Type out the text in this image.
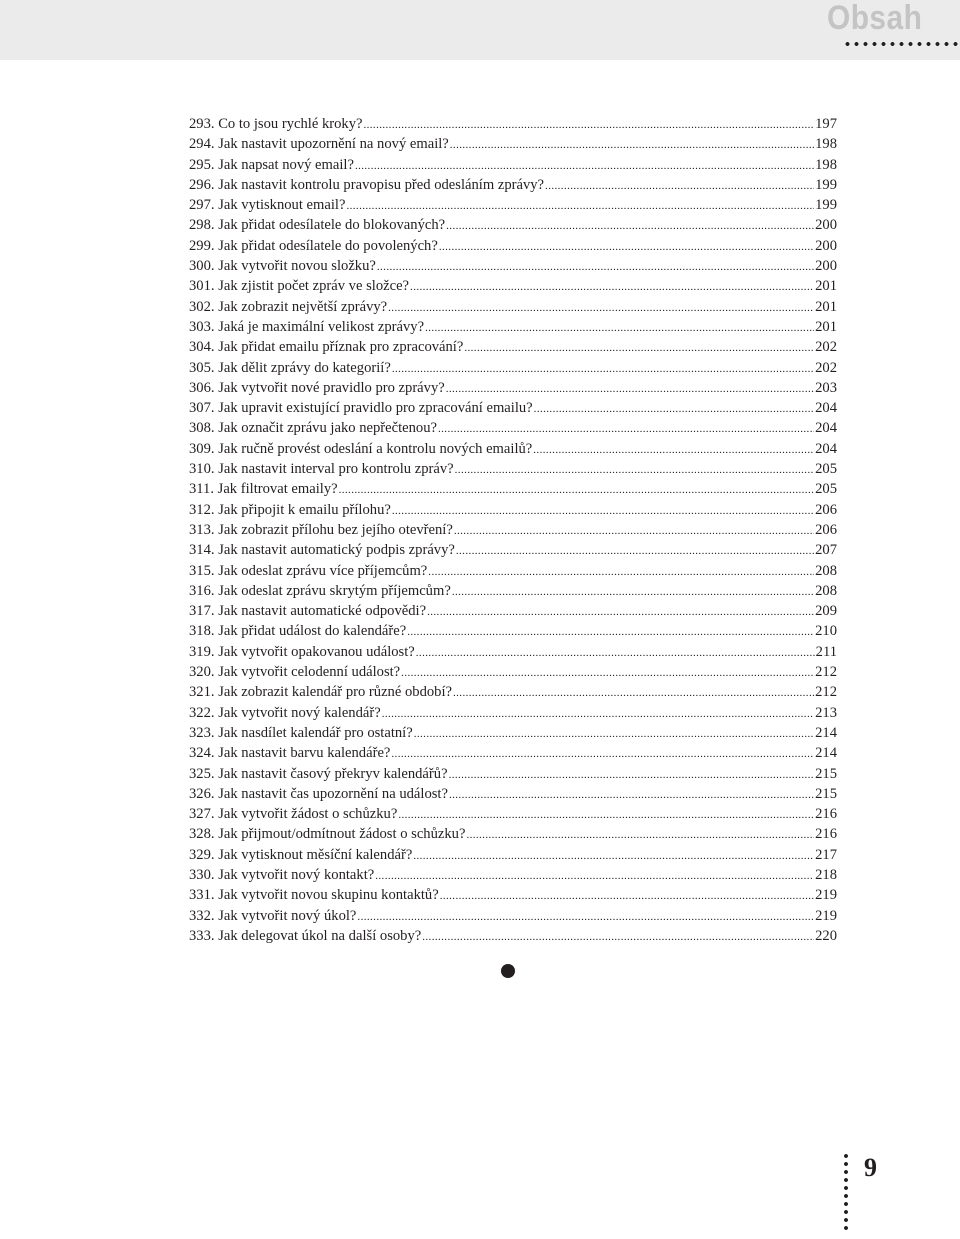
Obsah
293. Co to jsou rychlé kroky? .....	197
294. Jak nastavit upozornění na nový email? .....	198
295. Jak napsat nový email? .....	198
296. Jak nastavit kontrolu pravopisu před odesláním zprávy? .....	199
297. Jak vytisknout email? .....	199
298. Jak přidat odesílatele do blokovaných? .....	200
299. Jak přidat odesílatele do povolených? .....	200
300. Jak vytvořit novou složku? .....	200
301. Jak zjistit počet zpráv ve složce? .....	201
302. Jak zobrazit největší zprávy? .....	201
303. Jaká je maximální velikost zprávy? .....	201
304. Jak přidat emailu příznak pro zpracování? .....	202
305. Jak dělit zprávy do kategorií? .....	202
306. Jak vytvořit nové pravidlo pro zprávy? .....	203
307. Jak upravit existující pravidlo pro zpracování emailu? .....	204
308. Jak označit zprávu jako nepřečtenou? .....	204
309. Jak ručně provést odeslání a kontrolu nových emailů? .....	204
310. Jak nastavit interval pro kontrolu zpráv? .....	205
311. Jak filtrovat emaily? .....	205
312. Jak připojit k emailu přílohu? .....	206
313. Jak zobrazit přílohu bez jejího otevření? .....	206
314. Jak nastavit automatický podpis zprávy? .....	207
315. Jak odeslat zprávu více příjemcům? .....	208
316. Jak odeslat zprávu skrytým příjemcům? .....	208
317. Jak nastavit automatické odpovědi? .....	209
318. Jak přidat událost do kalendáře? .....	210
319. Jak vytvořit opakovanou událost? .....	211
320. Jak vytvořit celodenní událost? .....	212
321. Jak zobrazit kalendář pro různé období? .....	212
322. Jak vytvořit nový kalendář? .....	213
323. Jak nasdílet kalendář pro ostatní? .....	214
324. Jak nastavit barvu kalendáře? .....	214
325. Jak nastavit časový překryv kalendářů? .....	215
326. Jak nastavit čas upozornění na událost? .....	215
327. Jak vytvořit žádost o schůzku? .....	216
328. Jak přijmout/odmítnout žádost o schůzku? .....	216
329. Jak vytisknout měsíční kalendář? .....	217
330. Jak vytvořit nový kontakt? .....	218
331. Jak vytvořit novou skupinu kontaktů? .....	219
332. Jak vytvořit nový úkol? .....	219
333. Jak delegovat úkol na další osoby? .....	220
9
